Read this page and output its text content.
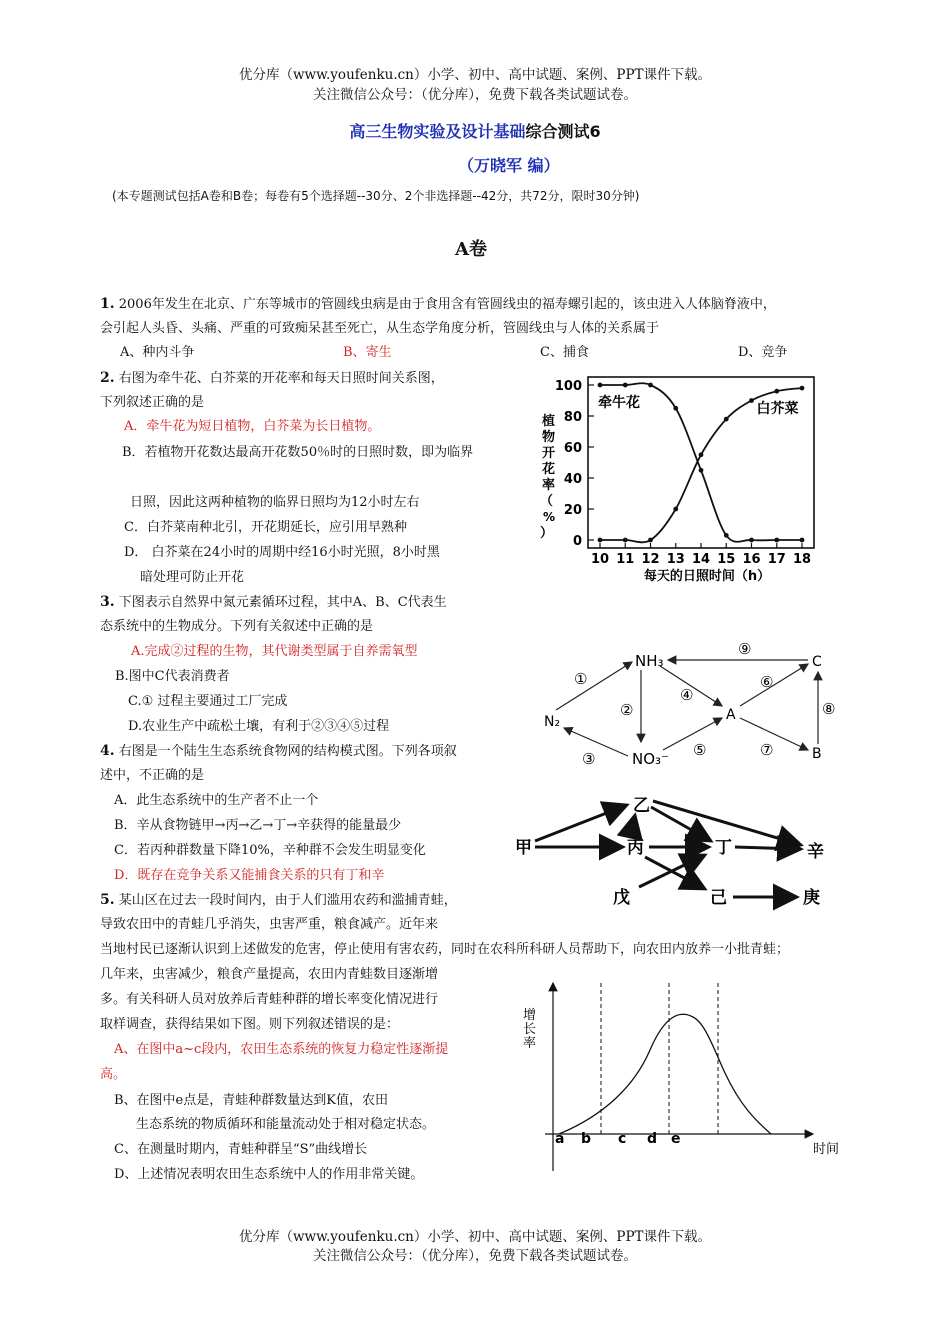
优分库（www.youfenku.cn）小学、初中、高中试题、案例、PPT课件下载。
关注微信公众号：（优分库），免费下载各类试题试卷。
高三生物实验及设计基础综合测试6
（万晓军 编）
(本专题测试包括A卷和B卷；每卷有5个选择题--30分、2个非选择题--42分，共72分，限时30分钟)
A卷
1. 2006年发生在北京、广东等城市的管圆线虫病是由于食用含有管圆线虫的福寿螺引起的，该虫进入人体脑脊液中，
会引起人头昏、头痛、严重的可致痴呆甚至死亡，从生态学角度分析，管圆线虫与人体的关系属于
A、种内斗争	B、寄生	C、捕食	D、竞争
2. 右图为牵牛花、白芥菜的开花率和每天日照时间关系图，
下列叙述正确的是
A．牵牛花为短日植物，白芥菜为长日植物。
B．若植物开花数达最高开花数50％时的日照时数，即为临界
日照，因此这两种植物的临界日照均为12小时左右
C．白芥菜南种北引，开花期延长，应引用早熟种
D． 白芥菜在24小时的周期中经16小时光照，8小时黑
暗处理可防止开花
植
物
开
花
率
（
%
）
0
20
40
60
80
100
10 11 12 13 14 15 16 17 18
每天的日照时间（h）
牵牛花	白芥菜
3. 下图表示自然界中氮元素循环过程，其中A、B、C代表生
态系统中的生物成分。下列有关叙述中正确的是
A.完成②过程的生物，其代谢类型属于自养需氧型
B.图中C代表消费者
C.① 过程主要通过工厂完成
D.农业生产中疏松土壤，有利于②③④⑤过程
NH₃
N₂
NO₃⁻
A
B
C
①
②
③
④
⑤
⑥
⑦
⑧
⑨
4. 右图是一个陆生生态系统食物网的结构模式图。下列各项叙
述中，不正确的是
A．此生态系统中的生产者不止一个
B．辛从食物链甲→丙→乙→丁→辛获得的能量最少
C．若丙种群数量下降10%，辛种群不会发生明显变化
D．既存在竞争关系又能捕食关系的只有丁和辛
甲
乙
丙	丁	辛
戊	己	庚
5. 某山区在过去一段时间内，由于人们滥用农药和滥捕青蛙，
导致农田中的青蛙几乎消失，虫害严重，粮食减产。近年来
当地村民已逐渐认识到上述做发的危害，停止使用有害农药，同时在农科所科研人员帮助下，向农田内放养一小批青蛙；
几年来，虫害减少，粮食产量提高，农田内青蛙数目逐渐增
多。有关科研人员对放养后青蛙种群的增长率变化情况进行
取样调查，获得结果如下图。则下列叙述错误的是：
A、在图中a~c段内，农田生态系统的恢复力稳定性逐渐提
高。
B、在图中e点是，青蛙种群数量达到K值，农田
生态系统的物质循环和能量流动处于相对稳定状态。
C、在测量时期内，青蛙种群呈“S”曲线增长
D、上述情况表明农田生态系统中人的作用非常关键。
增
长
率
a b c d e
时间
优分库（www.youfenku.cn）小学、初中、高中试题、案例、PPT课件下载。
关注微信公众号：（优分库），免费下载各类试题试卷。
